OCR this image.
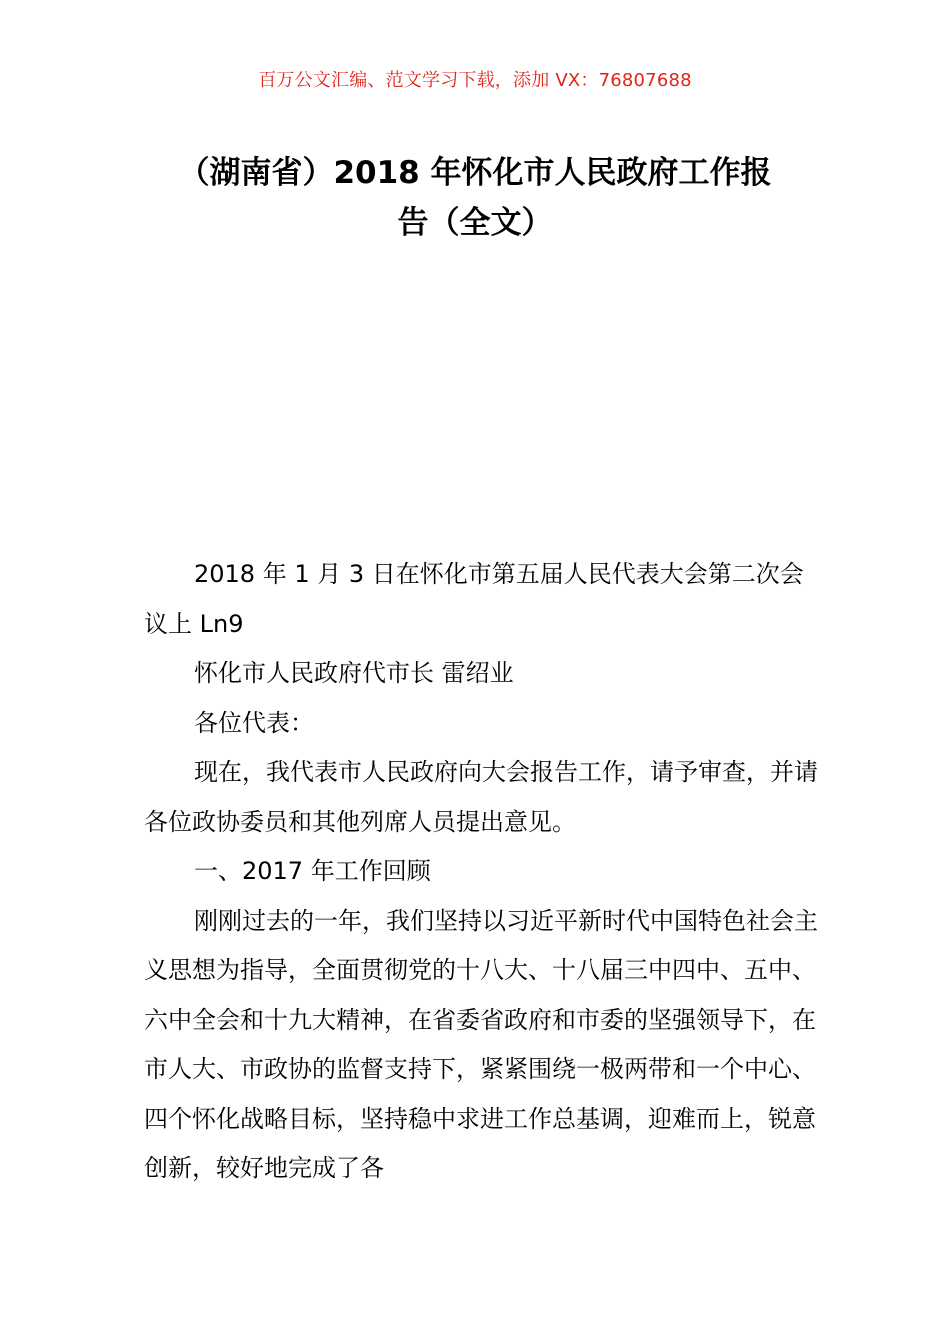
百万公文汇编、范文学习下载，添加 VX：76807688
（湖南省）2018 年怀化市人民政府工作报
告（全文）

2018 年 1 月 3 日在怀化市第五届人民代表大会第二次会议上 Ln9

怀化市人民政府代市长 雷绍业

各位代表：

现在，我代表市人民政府向大会报告工作，请予审查，并请各位政协委员和其他列席人员提出意见。

一、2017 年工作回顾

刚刚过去的一年，我们坚持以习近平新时代中国特色社会主义思想为指导，全面贯彻党的十八大、十八届三中四中、五中、六中全会和十九大精神，在省委省政府和市委的坚强领导下，在市人大、市政协的监督支持下，紧紧围绕一极两带和一个中心、四个怀化战略目标，坚持稳中求进工作总基调，迎难而上，锐意创新，较好地完成了各
